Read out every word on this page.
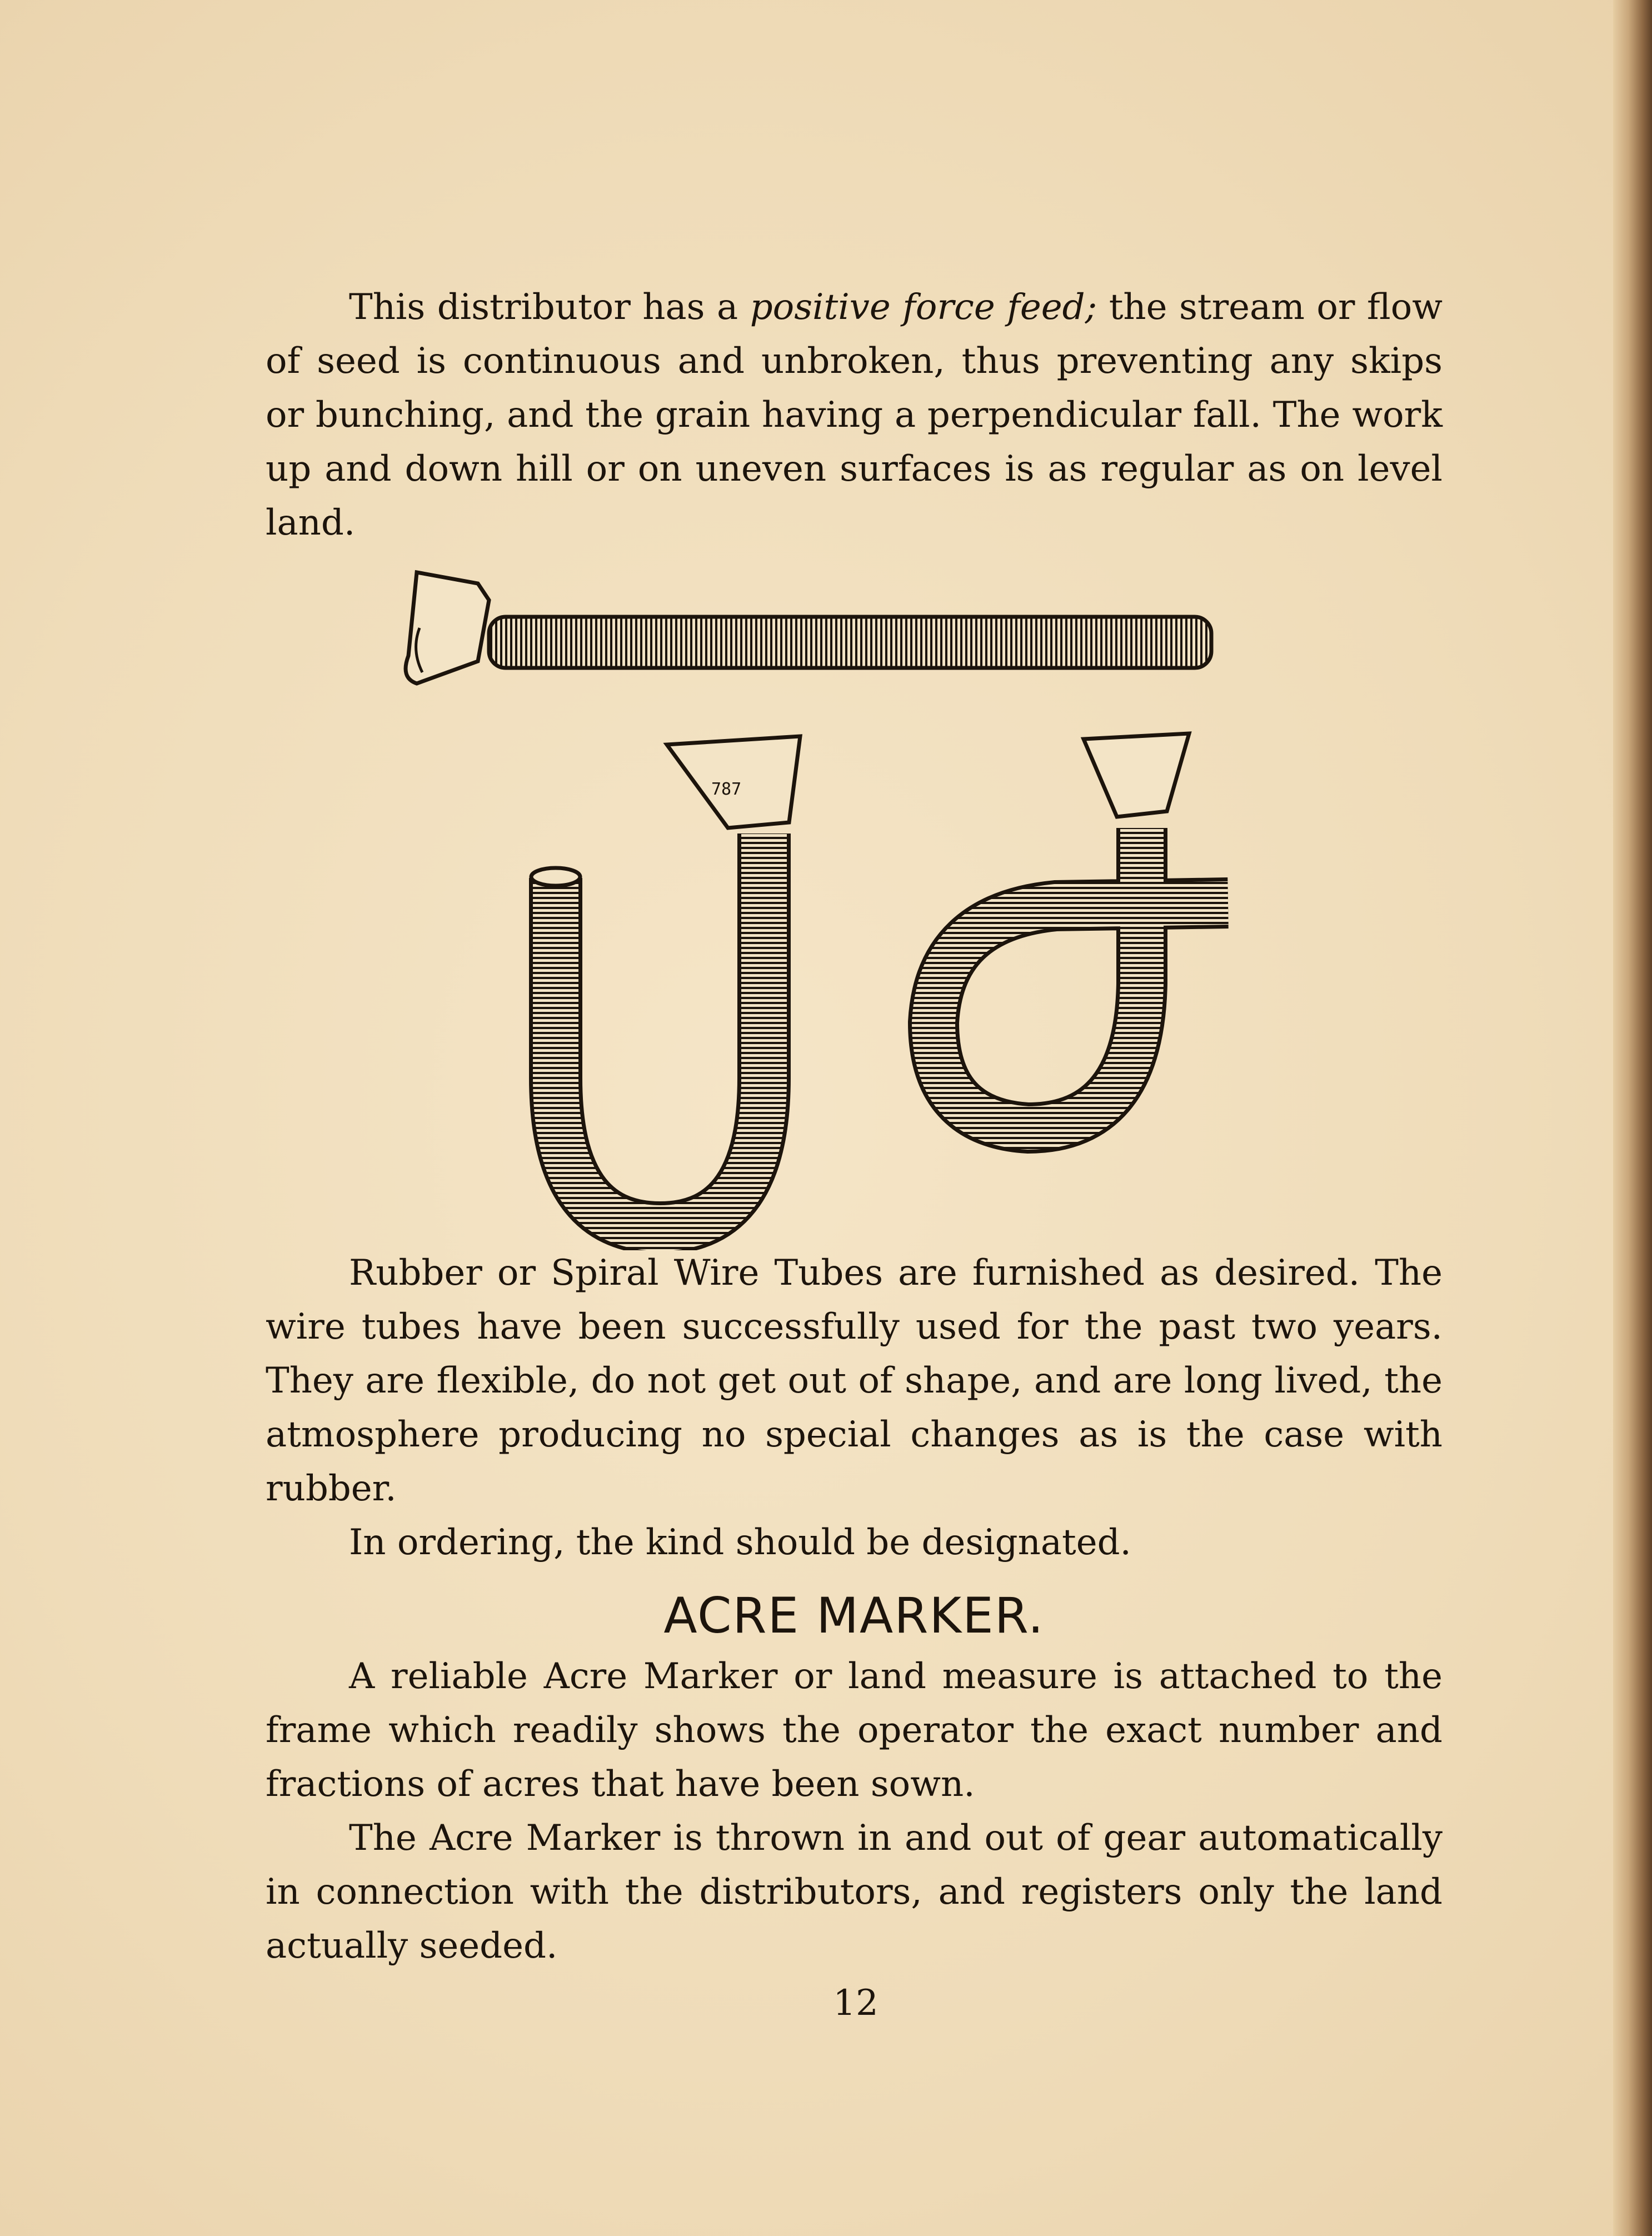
This distributor has a positive force feed; the stream or flow of seed is continuous and unbroken, thus preventing any skips or bunching, and the grain having a perpendicular fall. The work up and down hill or on uneven surfaces is as regular as on level land.

787

Rubber or Spiral Wire Tubes are furnished as desired. The wire tubes have been successfully used for the past two years. They are flexible, do not get out of shape, and are long lived, the atmosphere producing no special changes as is the case with rubber.

In ordering, the kind should be designated.

ACRE MARKER.

A reliable Acre Marker or land measure is attached to the frame which readily shows the operator the exact number and fractions of acres that have been sown.

The Acre Marker is thrown in and out of gear automatically in connection with the distributors, and registers only the land actually seeded.

12
